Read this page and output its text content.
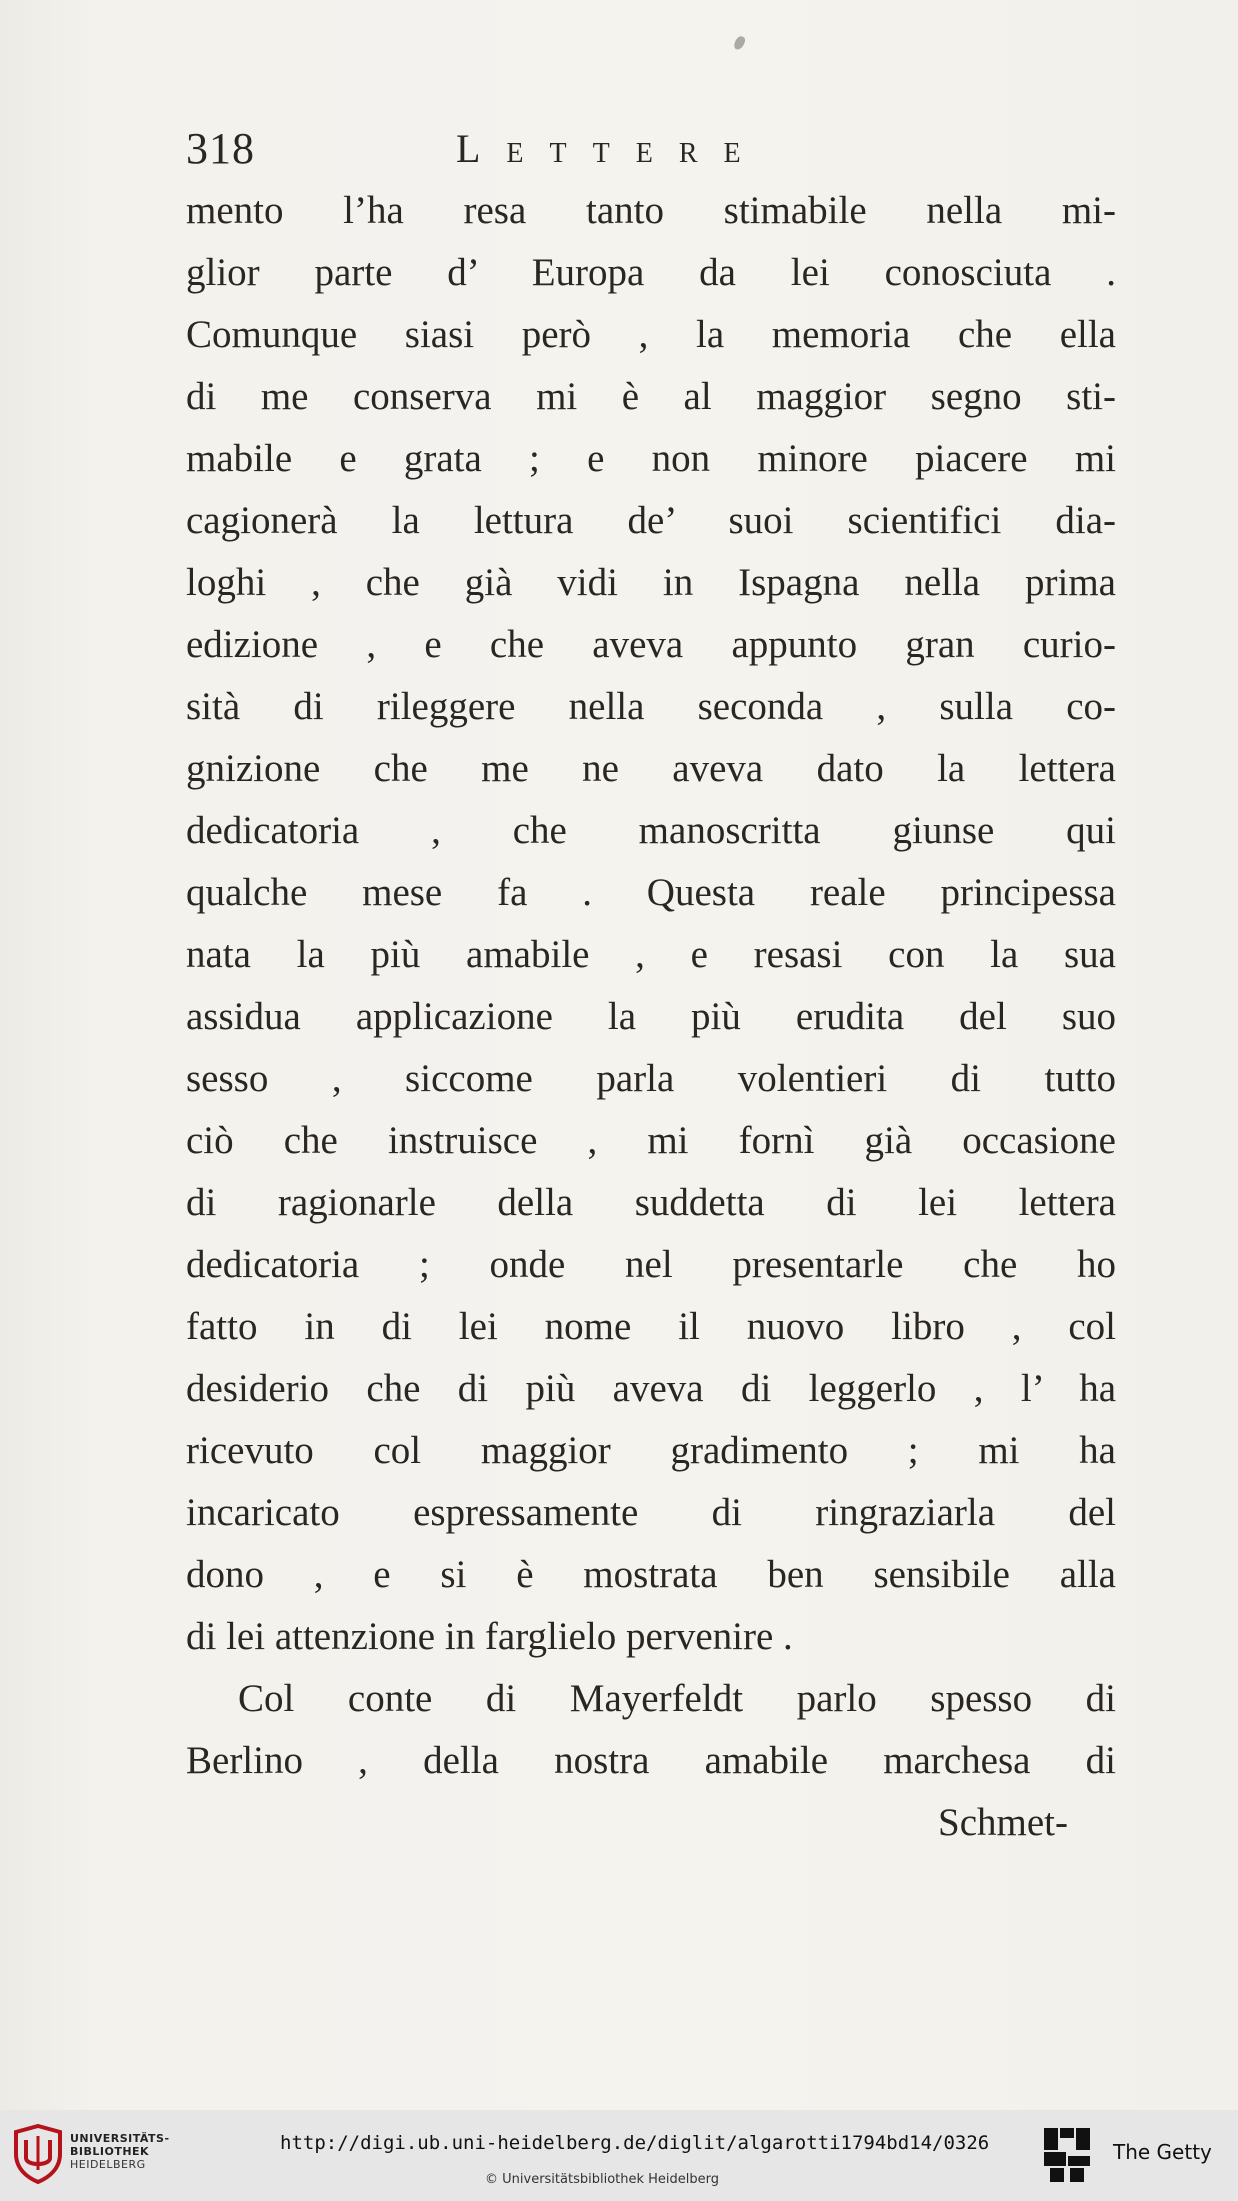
318	Lettere
mento l’ha resa tanto stimabile nella mi-
glior parte d’ Europa da lei conosciuta .
Comunque siasi però , la memoria che ella
di me conserva mi è al maggior segno sti-
mabile e grata ; e non minore piacere mi
cagionerà la lettura de’ suoi scientifici dia-
loghi , che già vidi in Ispagna nella prima
edizione , e che aveva appunto gran curio-
sità di rileggere nella seconda , sulla co-
gnizione che me ne aveva dato la lettera
dedicatoria , che manoscritta giunse qui
qualche mese fa . Questa reale principessa
nata la più amabile , e resasi con la sua
assidua applicazione la più erudita del suo
sesso , siccome parla volentieri di tutto
ciò che instruisce , mi fornì già occasione
di ragionarle della suddetta di lei lettera
dedicatoria ; onde nel presentarle che ho
fatto in di lei nome il nuovo libro , col
desiderio che di più aveva di leggerlo , l’ ha
ricevuto col maggior gradimento ; mi ha
incaricato espressamente di ringraziarla del
dono , e si è mostrata ben sensibile alla
di lei attenzione in farglielo pervenire .
Col conte di Mayerfeldt parlo spesso di
Berlino , della nostra amabile marchesa di
Schmet-
UNIVERSITÄTS-
BIBLIOTHEK
HEIDELBERG
http://digi.ub.uni-heidelberg.de/diglit/algarotti1794bd14/0326
© Universitätsbibliothek Heidelberg
The Getty
